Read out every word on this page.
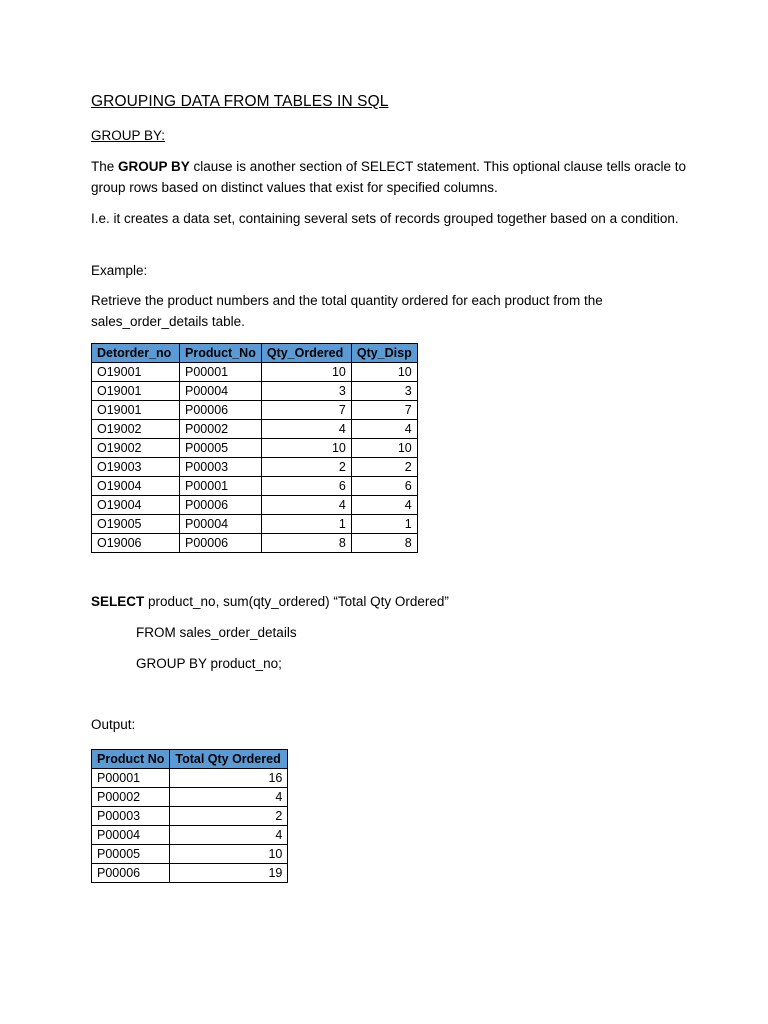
GROUPING DATA FROM TABLES IN SQL
GROUP BY:
The GROUP BY clause is another section of SELECT statement. This optional clause tells oracle to group rows based on distinct values that exist for specified columns.
I.e. it creates a data set, containing several sets of records grouped together based on a condition.
Example:
Retrieve the product numbers and the total quantity ordered for each product from the sales_order_details table.
Detorder_no	Product_No	Qty_Ordered	Qty_Disp
O19001	P00001	10	10
O19001	P00004	3	3
O19001	P00006	7	7
O19002	P00002	4	4
O19002	P00005	10	10
O19003	P00003	2	2
O19004	P00001	6	6
O19004	P00006	4	4
O19005	P00004	1	1
O19006	P00006	8	8
SELECT product_no, sum(qty_ordered) “Total Qty Ordered”
FROM sales_order_details
GROUP BY product_no;
Output:
Product No	Total Qty Ordered
P00001	16
P00002	4
P00003	2
P00004	4
P00005	10
P00006	19
